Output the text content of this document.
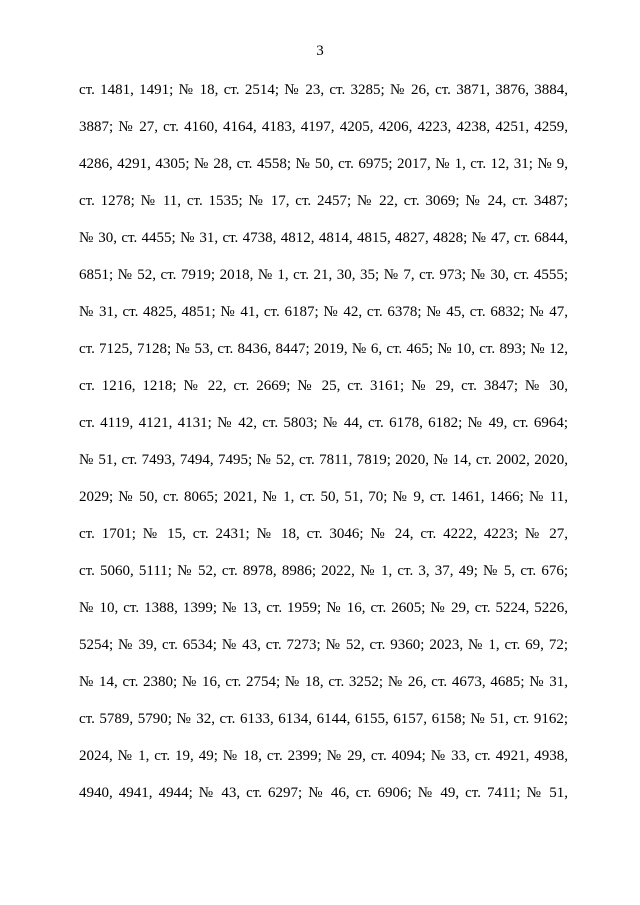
3
ст. 1481, 1491; № 18, ст. 2514; № 23, ст. 3285; № 26, ст. 3871, 3876, 3884,
3887; № 27, ст. 4160, 4164, 4183, 4197, 4205, 4206, 4223, 4238, 4251, 4259,
4286, 4291, 4305; № 28, ст. 4558; № 50, ст. 6975; 2017, № 1, ст. 12, 31; № 9,
ст. 1278; № 11, ст. 1535; № 17, ст. 2457; № 22, ст. 3069; № 24, ст. 3487;
№ 30, ст. 4455; № 31, ст. 4738, 4812, 4814, 4815, 4827, 4828; № 47, ст. 6844,
6851; № 52, ст. 7919; 2018, № 1, ст. 21, 30, 35; № 7, ст. 973; № 30, ст. 4555;
№ 31, ст. 4825, 4851; № 41, ст. 6187; № 42, ст. 6378; № 45, ст. 6832; № 47,
ст. 7125, 7128; № 53, ст. 8436, 8447; 2019, № 6, ст. 465; № 10, ст. 893; № 12,
ст. 1216, 1218; № 22, ст. 2669; № 25, ст. 3161; № 29, ст. 3847; № 30,
ст. 4119, 4121, 4131; № 42, ст. 5803; № 44, ст. 6178, 6182; № 49, ст. 6964;
№ 51, ст. 7493, 7494, 7495; № 52, ст. 7811, 7819; 2020, № 14, ст. 2002, 2020,
2029; № 50, ст. 8065; 2021, № 1, ст. 50, 51, 70; № 9, ст. 1461, 1466; № 11,
ст. 1701; № 15, ст. 2431; № 18, ст. 3046; № 24, ст. 4222, 4223; № 27,
ст. 5060, 5111; № 52, ст. 8978, 8986; 2022, № 1, ст. 3, 37, 49; № 5, ст. 676;
№ 10, ст. 1388, 1399; № 13, ст. 1959; № 16, ст. 2605; № 29, ст. 5224, 5226,
5254; № 39, ст. 6534; № 43, ст. 7273; № 52, ст. 9360; 2023, № 1, ст. 69, 72;
№ 14, ст. 2380; № 16, ст. 2754; № 18, ст. 3252; № 26, ст. 4673, 4685; № 31,
ст. 5789, 5790; № 32, ст. 6133, 6134, 6144, 6155, 6157, 6158; № 51, ст. 9162;
2024, № 1, ст. 19, 49; № 18, ст. 2399; № 29, ст. 4094; № 33, ст. 4921, 4938,
4940, 4941, 4944; № 43, ст. 6297; № 46, ст. 6906; № 49, ст. 7411; № 51,
